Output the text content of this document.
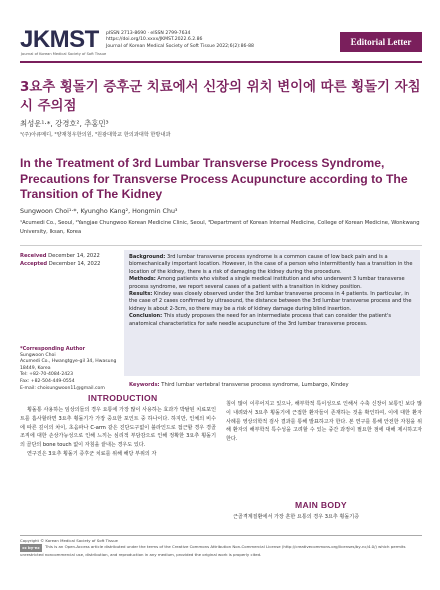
JKMST
Journal of Korean Medical Society of Soft Tissue
pISSN 2713-8690 · eISSN 2799-7634
https://doi.org/10.xxxx/JKMST.2022.6.2.86
Journal of Korean Medical Society of Soft Tissue 2022;6(2):86-88	Editorial Letter
3요추 횡돌기 증후군 치료에서 신장의 위치 변이에 따른 횡돌기 자침시 주의점
최성운¹·*, 강경호², 추홍민³
¹(주)아큐메디, ²양재청우한의원, ³원광대학교 한의과대학 한방내과
In the Treatment of 3rd Lumbar Transverse Process Syndrome, Precautions for Transverse Process Acupuncture according to The Transition of The Kidney
Sungwoon Choi¹·*, Kyungho Kang², Hongmin Chu³
¹Acumedi Co., Seoul, ²Yangjae Chungwoo Korean Medicine Clinic, Seoul, ³Department of Korean Internal Medicine, College of Korean Medicine, Wonkwang University, Iksan, Korea
Received December 14, 2022
Accepted December 14, 2022
*Corresponding Author
Sungwoon Choi
Acumedi Co., Hwangtgye-gil 34, Hwasung 18449, Korea
Tel: +82-70-4084-2423
Fax: +82-504-449-0554
E-mail: choisungwoon11@gmail.com

Background: 3rd lumbar transverse process syndrome is a common cause of low back pain and is a biomechanically important location. However, in the case of a person who intermittently has a transition in the location of the kidney, there is a risk of damaging the kidney during the procedure.

Methods: Among patients who visited a single medical institution and who underwent 3 lumbar transverse process syndrome, we report several cases of a patient with a transition in kidney position.

Results: Kindey was closely observed under the 3rd lumbar transverse process in 4 patients. In particular, in the case of 2 cases confirmed by ultrasound, the distance between the 3rd lumbar transverse process and the kidney is about 2-3cm, so there may be a risk of kidney damage during blind insertion.

Conclusion: This study proposes the need for an intermediate process that can consider the patient's anatomical characteristics for safe needle acupuncture of the 3rd lumbar transverse process.

Keywords: Third lumbar vertebral transverse process syndrome, Lumbargo, Kindey
INTRODUCTION

횡돌통 사용하는 임상의들의 경우 요통에 가장 많이 사용하는 효과가 박탈된 치료포인트를 흡사할라면 3요추 횡돌기가 가장 중요한 포인트 중 하나이다. 하지만, 인체의 비수에 따른 깊이의 차이, 초음파나 C-arm 같은 진단도구없이 블라인드로 접근할 경우 경골조직에 대한 손상가능성으로 인해 느끼는 심리적 부담감으로 인해 정확한 3요추 횡돌기의 골단의 bone touch 없이 자침을 끝내는 경우도 있다.

연구진은 3요추 횡돌기 증후군 치료를 위해 해당 부위의 자

침이 많이 이루어지고 있으나, 해부학적 특이성으로 인해서 수축 신장이 보통인 보다 많이 내려와서 3요추 횡돌기에 근접한 환자들이 존재하는 것을 확인하여, 이에 대한 환자 사례를 영상의학적 검사 결과를 통해 발표하고자 한다. 본 연구를 통해 안전한 자침을 위해 환자의 해부학적 특수성을 고려할 수 있는 중간 과정이 필요한 점에 대해 제시하고자 한다.

MAIN BODY

근골격계질환에서 가장 흔한 요통의 경우 3요추 횡돌기증

Copyright © Korean Medical Society of Soft Tissue
cc by-nc This is an Open-Access article distributed under the terms of the Creative Commons Attribution Non-Commercial License (http://creativecommons.org/licenses/by-nc/4.0/) which permits unrestricted noncommercial use, distribution, and reproduction in any medium, provided the original work is properly cited.
